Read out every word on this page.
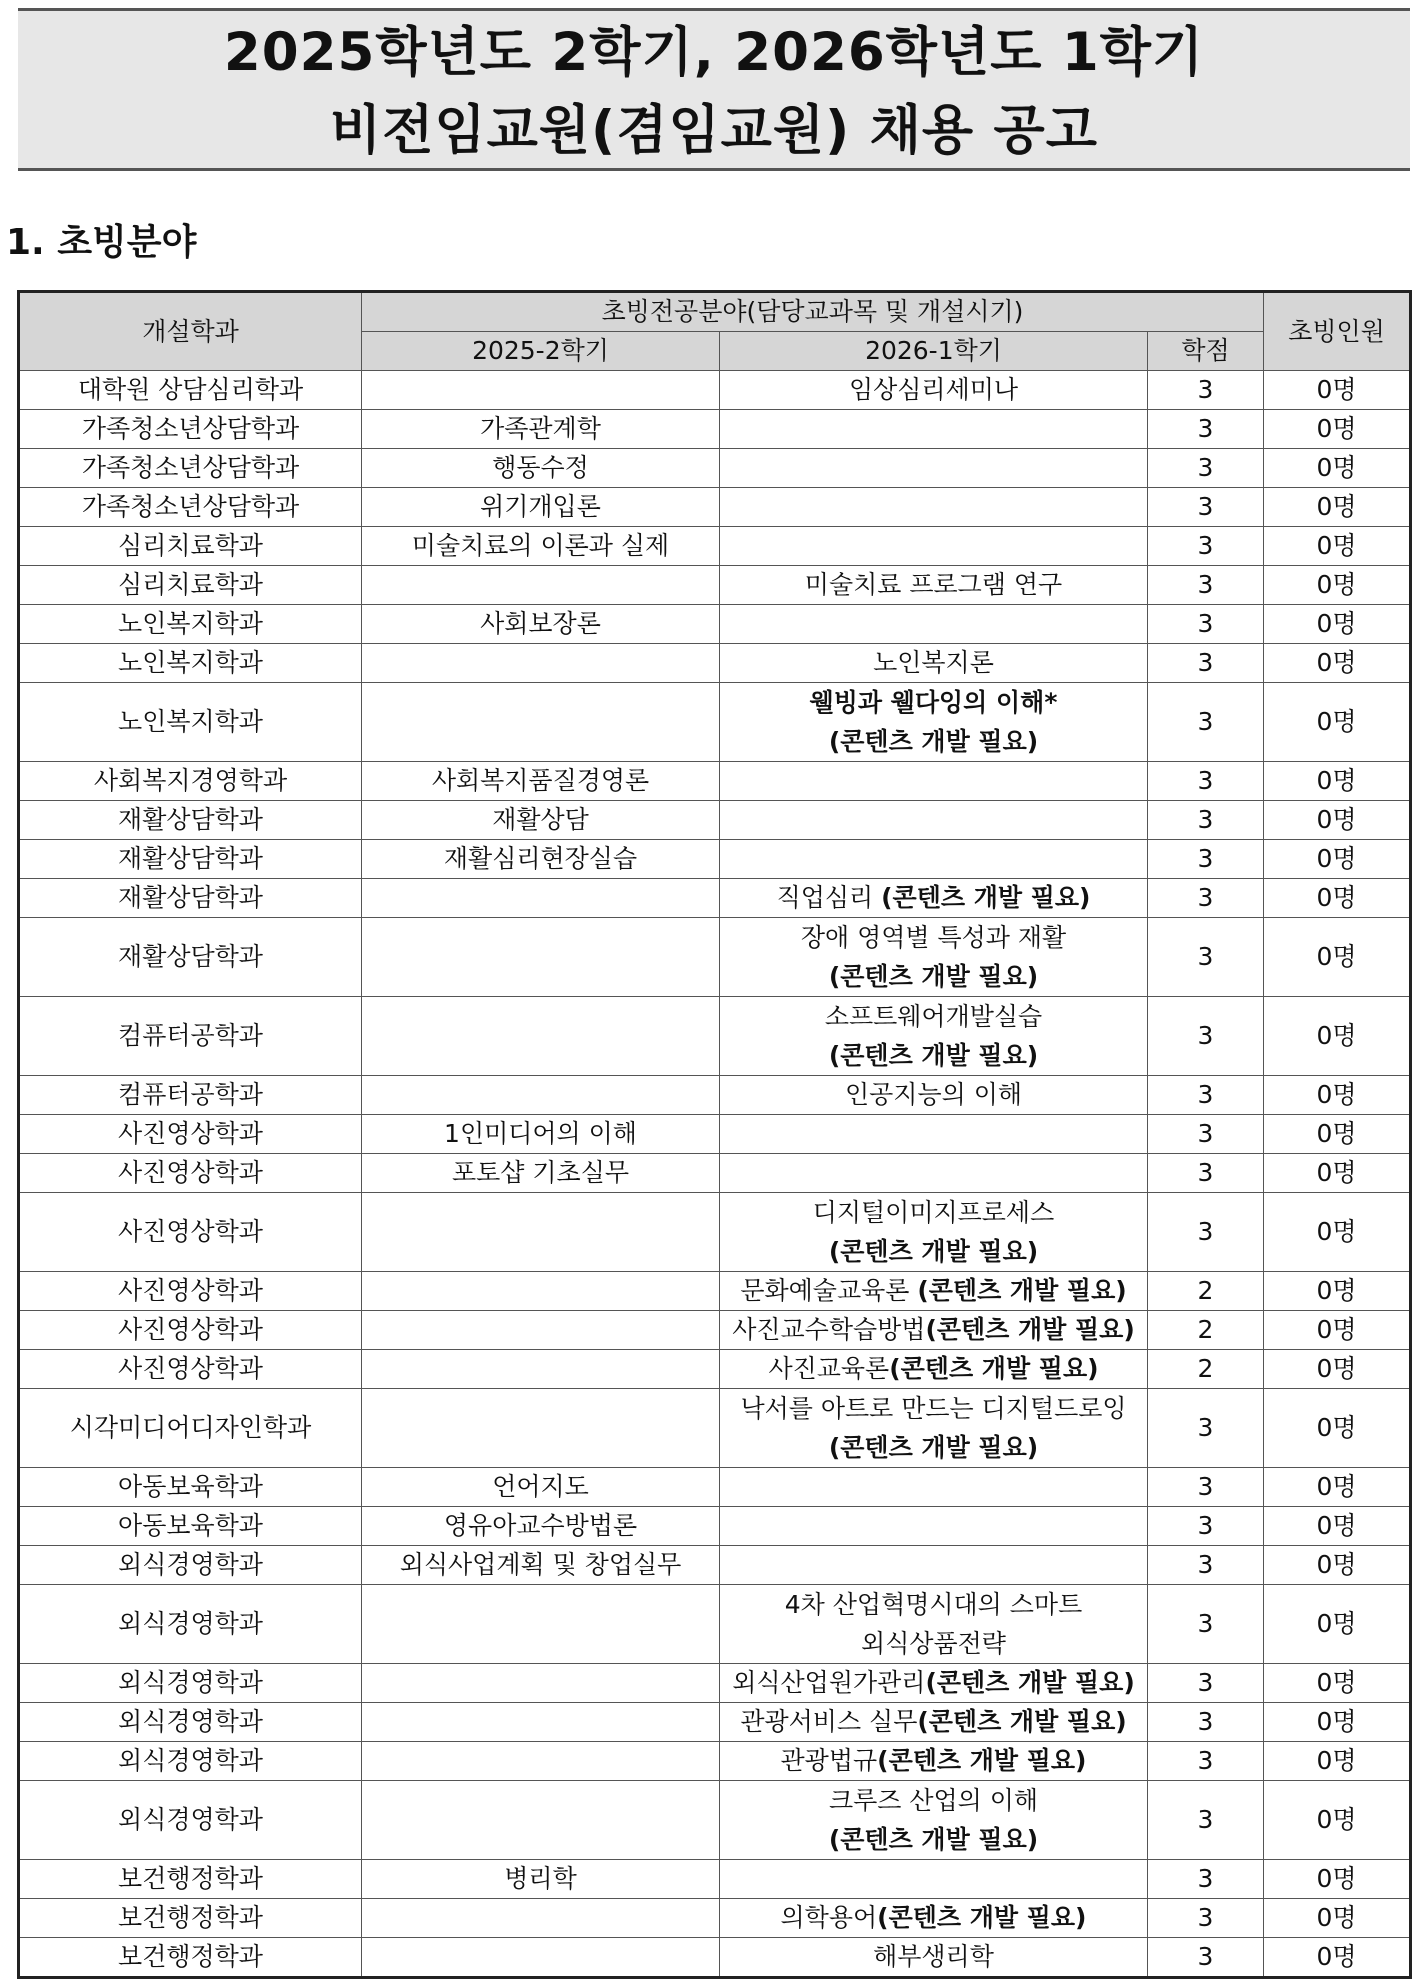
2025학년도 2학기, 2026학년도 1학기
비전임교원(겸임교원) 채용 공고
1. 초빙분야
개설학과	초빙전공분야(담당교과목 및 개설시기)			초빙인원
	2025-2학기	2026-1학기	학점	
대학원 상담심리학과		임상심리세미나	3	0명
가족청소년상담학과	가족관계학		3	0명
가족청소년상담학과	행동수정		3	0명
가족청소년상담학과	위기개입론		3	0명
심리치료학과	미술치료의 이론과 실제		3	0명
심리치료학과		미술치료 프로그램 연구	3	0명
노인복지학과	사회보장론		3	0명
노인복지학과		노인복지론	3	0명
노인복지학과		웰빙과 웰다잉의 이해*
(콘텐츠 개발 필요)	3	0명
사회복지경영학과	사회복지품질경영론		3	0명
재활상담학과	재활상담		3	0명
재활상담학과	재활심리현장실습		3	0명
재활상담학과		직업심리 (콘텐츠 개발 필요)	3	0명
재활상담학과		장애 영역별 특성과 재활
(콘텐츠 개발 필요)	3	0명
컴퓨터공학과		소프트웨어개발실습
(콘텐츠 개발 필요)	3	0명
컴퓨터공학과		인공지능의 이해	3	0명
사진영상학과	1인미디어의 이해		3	0명
사진영상학과	포토샵 기초실무		3	0명
사진영상학과		디지털이미지프로세스
(콘텐츠 개발 필요)	3	0명
사진영상학과		문화예술교육론 (콘텐츠 개발 필요)	2	0명
사진영상학과		사진교수학습방법(콘텐츠 개발 필요)	2	0명
사진영상학과		사진교육론(콘텐츠 개발 필요)	2	0명
시각미디어디자인학과		낙서를 아트로 만드는 디지털드로잉
(콘텐츠 개발 필요)	3	0명
아동보육학과	언어지도		3	0명
아동보육학과	영유아교수방법론		3	0명
외식경영학과	외식사업계획 및 창업실무		3	0명
외식경영학과		4차 산업혁명시대의 스마트
외식상품전략	3	0명
외식경영학과		외식산업원가관리(콘텐츠 개발 필요)	3	0명
외식경영학과		관광서비스 실무(콘텐츠 개발 필요)	3	0명
외식경영학과		관광법규(콘텐츠 개발 필요)	3	0명
외식경영학과		크루즈 산업의 이해
(콘텐츠 개발 필요)	3	0명
보건행정학과	병리학		3	0명
보건행정학과		의학용어(콘텐츠 개발 필요)	3	0명
보건행정학과		해부생리학	3	0명
